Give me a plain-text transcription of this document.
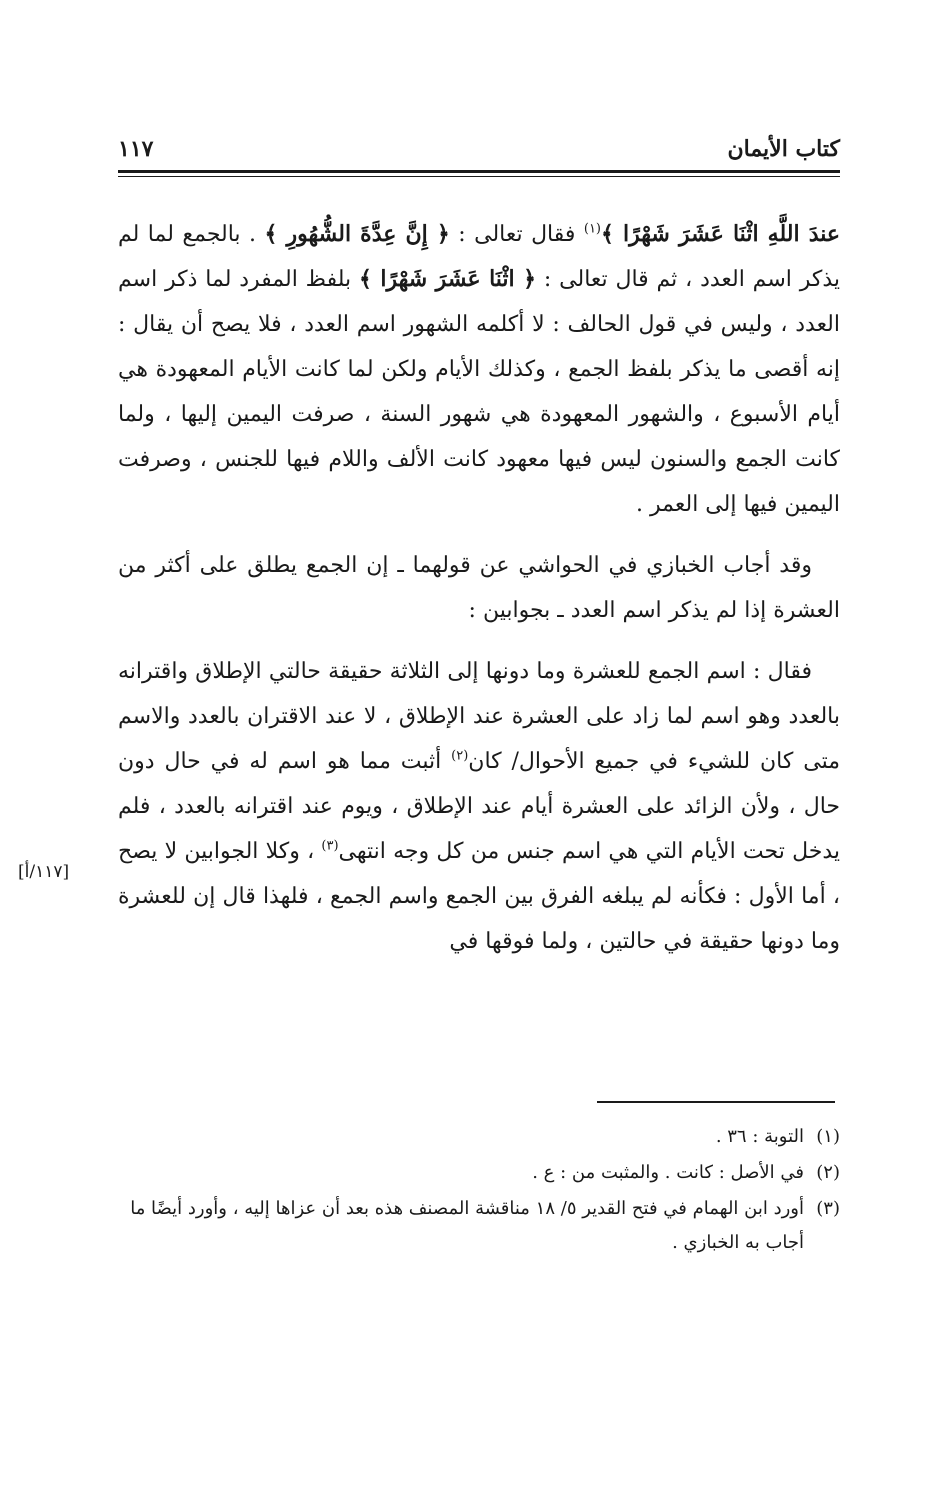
كتاب الأيمان
١١٧

عندَ اللَّهِ اثْنَا عَشَرَ شَهْرًا ﴾$^{(١)}$ فقال تعالى : ﴿ إِنَّ عِدَّةَ الشُّهُورِ ﴾ . بالجمع لما لم يذكر اسم العدد ، ثم قال تعالى : ﴿ اثْنَا عَشَرَ شَهْرًا ﴾ بلفظ المفرد لما ذكر اسم العدد ، وليس في قول الحالف : لا أكلمه الشهور اسم العدد ، فلا يصح أن يقال : إنه أقصى ما يذكر بلفظ الجمع ، وكذلك الأيام ولكن لما كانت الأيام المعهودة هي أيام الأسبوع ، والشهور المعهودة هي شهور السنة ، صرفت اليمين إليها ، ولما كانت الجمع والسنون ليس فيها معهود كانت الألف واللام فيها للجنس ، وصرفت اليمين فيها إلى العمر .

وقد أجاب الخبازي في الحواشي عن قولهما ـ إن الجمع يطلق على أكثر من العشرة إذا لم يذكر اسم العدد ـ بجوابين :

فقال : اسم الجمع للعشرة وما دونها إلى الثلاثة حقيقة حالتي الإطلاق واقترانه بالعدد وهو اسم لما زاد على العشرة عند الإطلاق ، لا عند الاقتران بالعدد والاسم متى كان للشيء في جميع الأحوال/ كان$^{(٢)}$ أثبت مما هو اسم له في حال دون حال ، ولأن الزائد على العشرة أيام عند الإطلاق ، ويوم عند اقترانه بالعدد ، فلم يدخل تحت الأيام التي هي اسم جنس من كل وجه انتهى$^{(٣)}$ ، وكلا الجوابين لا يصح ، أما الأول : فكأنه لم يبلغه الفرق بين الجمع واسم الجمع ، فلهذا قال إن للعشرة وما دونها حقيقة في حالتين ، ولما فوقها في

[١١٧/أ]
(١)
التوبة : ٣٦ .
(٢)
في الأصل : كانت . والمثبت من : ع .
(٣)
أورد ابن الهمام في فتح القدير ٥/ ١٨ مناقشة المصنف هذه بعد أن عزاها إليه ، وأورد أيضًا ما أجاب به الخبازي .
